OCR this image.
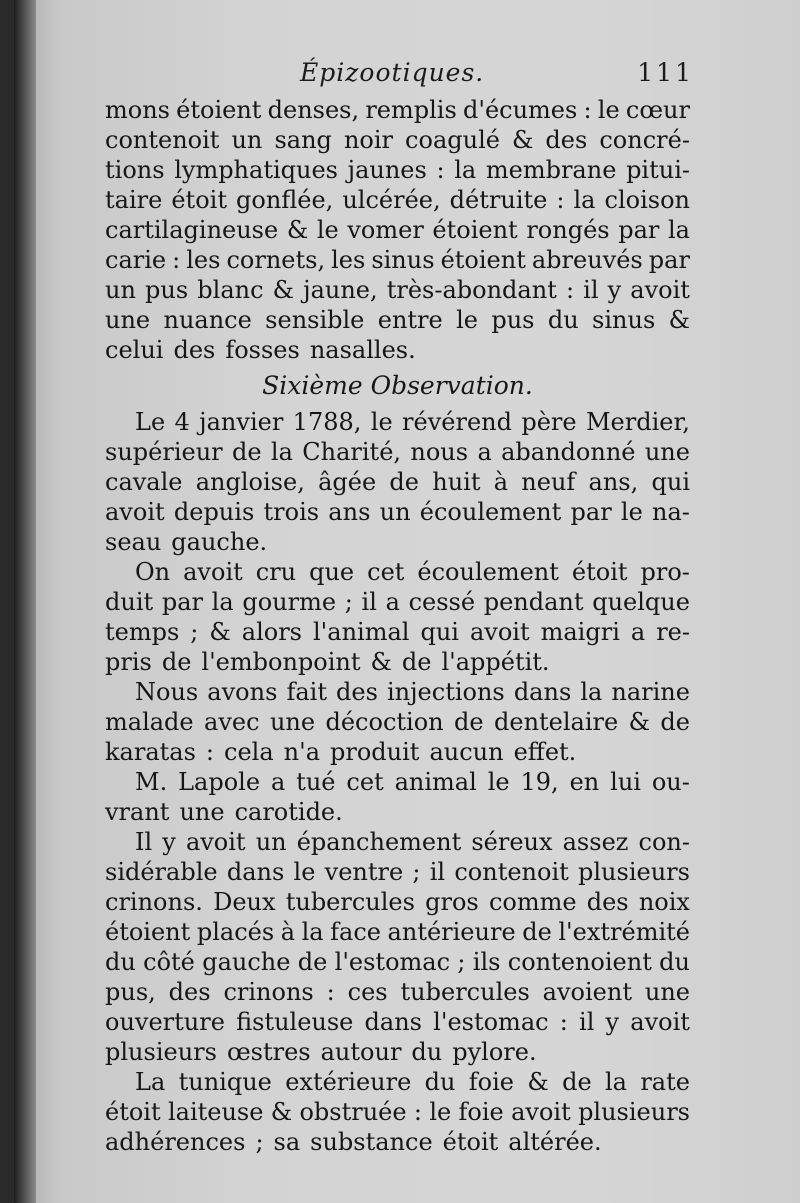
Épizootiques.	111
mons étoient denses, remplis d'écumes : le cœur
contenoit un sang noir coagulé & des concré-
tions lymphatiques jaunes : la membrane pitui-
taire étoit gonflée, ulcérée, détruite : la cloison
cartilagineuse & le vomer étoient rongés par la
carie : les cornets, les sinus étoient abreuvés par
un pus blanc & jaune, très-abondant : il y avoit
une nuance sensible entre le pus du sinus &
celui des fosses nasalles.
Sixième Observation.
Le 4 janvier 1788, le révérend père Merdier,
supérieur de la Charité, nous a abandonné une
cavale angloise, âgée de huit à neuf ans, qui
avoit depuis trois ans un écoulement par le na-
seau gauche.
On avoit cru que cet écoulement étoit pro-
duit par la gourme ; il a cessé pendant quelque
temps ; & alors l'animal qui avoit maigri a re-
pris de l'embonpoint & de l'appétit.
Nous avons fait des injections dans la narine
malade avec une décoction de dentelaire & de
karatas : cela n'a produit aucun effet.
M. Lapole a tué cet animal le 19, en lui ou-
vrant une carotide.
Il y avoit un épanchement séreux assez con-
sidérable dans le ventre ; il contenoit plusieurs
crinons. Deux tubercules gros comme des noix
étoient placés à la face antérieure de l'extrémité
du côté gauche de l'estomac ; ils contenoient du
pus, des crinons : ces tubercules avoient une
ouverture fistuleuse dans l'estomac : il y avoit
plusieurs œstres autour du pylore.
La tunique extérieure du foie & de la rate
étoit laiteuse & obstruée : le foie avoit plusieurs
adhérences ; sa substance étoit altérée.
